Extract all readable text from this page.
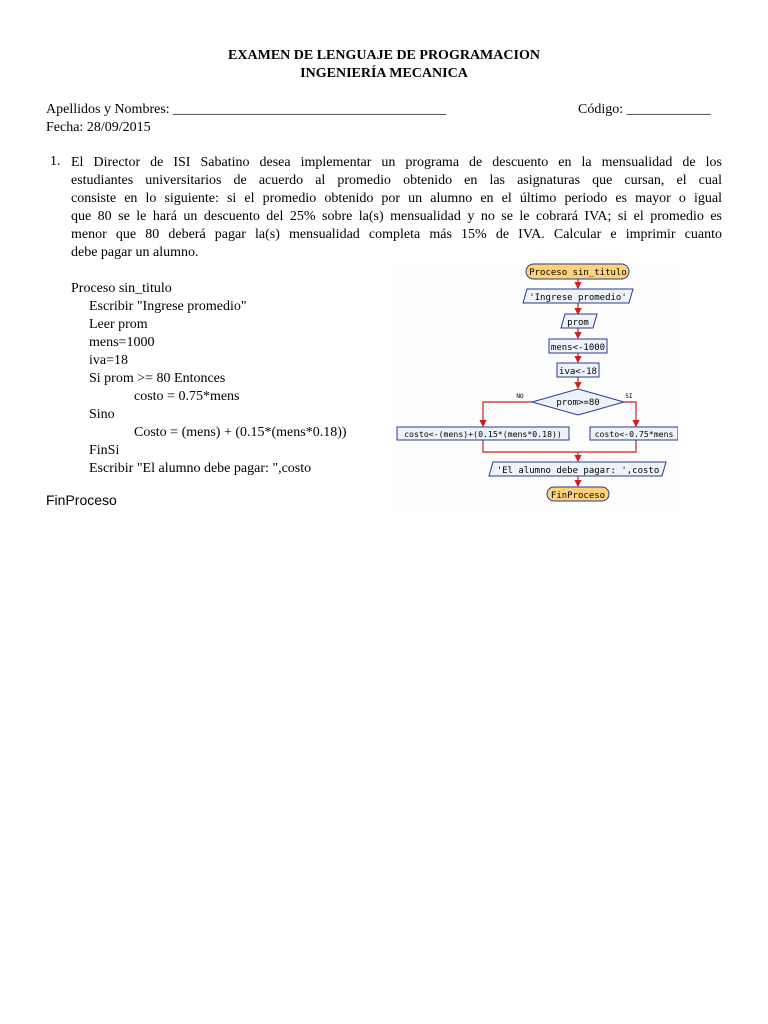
EXAMEN DE LENGUAJE DE PROGRAMACION
INGENIERÍA MECANICA
Apellidos y Nombres: _______________________________________	Código: ____________
Fecha: 28/09/2015
1. El Director de ISI Sabatino desea implementar un programa de descuento en la mensualidad de los
estudiantes universitarios de acuerdo al promedio obtenido en las asignaturas que cursan, el cual
consiste en lo siguiente: si el promedio obtenido por un alumno en el último periodo es mayor o igual
que 80 se le hará un descuento del 25% sobre la(s) mensualidad y no se le cobrará IVA; si el promedio es
menor que 80 deberá pagar la(s) mensualidad completa más 15% de IVA. Calcular e imprimir cuanto
debe pagar un alumno.
Proceso sin_titulo
Escribir "Ingrese promedio"
Leer prom
mens=1000
iva=18
Si prom >= 80 Entonces
costo = 0.75*mens
Sino
Costo = (mens) + (0.15*(mens*0.18))
FinSi
Escribir "El alumno debe pagar: ",costo
FinProceso
Proceso sin_titulo
'Ingrese promedio'
prom
mens<-1000
iva<-18
prom>=80
NO	SI
costo<-(mens)+(0.15*(mens*0.18))	costo<-0.75*mens
'El alumno debe pagar: ',costo
FinProceso
